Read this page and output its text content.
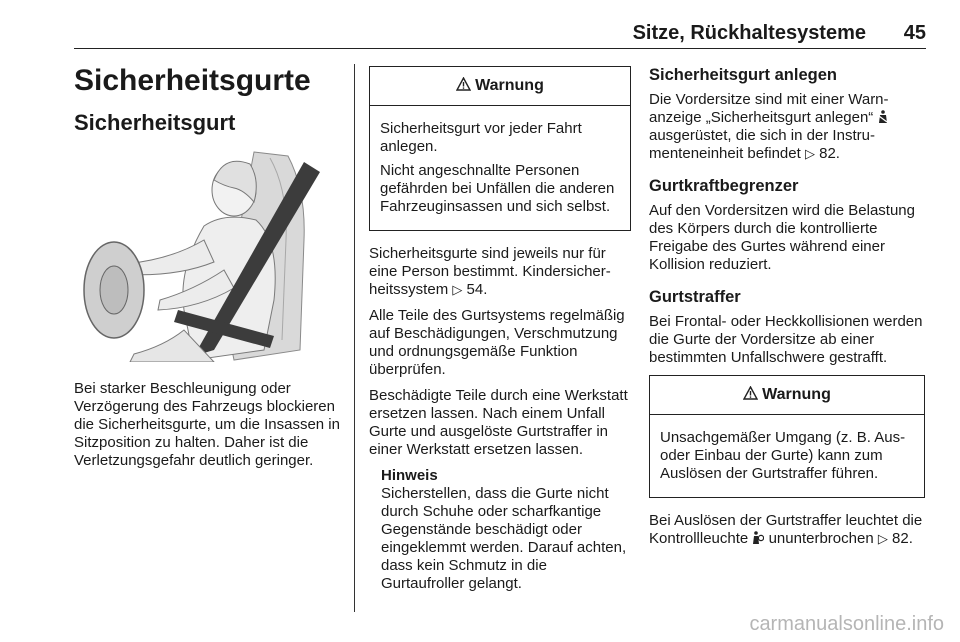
Sitze, Rückhaltesysteme 45
Sicherheitsgurte
Sicherheitsgurt

Bei starker Beschleunigung oder Verzögerung des Fahrzeugs blockieren die Sicherheitsgurte, um die Insassen in Sitzposition zu halten. Daher ist die Verletzungsgefahr deutlich geringer.

Warnung

Sicherheitsgurt vor jeder Fahrt anlegen.

Nicht angeschnallte Personen gefährden bei Unfällen die anderen Fahrzeuginsassen und sich selbst.

Sicherheitsgurte sind jeweils nur für eine Person bestimmt. Kindersicherheitssystem ▷ 54.

Alle Teile des Gurtsystems regelmäßig auf Beschädigungen, Verschmutzung und ordnungsgemäße Funktion überprüfen.

Beschädigte Teile durch eine Werkstatt ersetzen lassen. Nach einem Unfall Gurte und ausgelöste Gurtstraffer in einer Werkstatt ersetzen lassen.

Hinweis

Sicherstellen, dass die Gurte nicht durch Schuhe oder scharfkantige Gegenstände beschädigt oder eingeklemmt werden. Darauf achten, dass kein Schmutz in die Gurtaufroller gelangt.

Sicherheitsgurt anlegen

Die Vordersitze sind mit einer Warnanzeige „Sicherheitsgurt anlegen“  ausgerüstet, die sich in der Instrumenteneinheit befindet ▷ 82.

Gurtkraftbegrenzer

Auf den Vordersitzen wird die Belastung des Körpers durch die kontrollierte Freigabe des Gurtes während einer Kollision reduziert.

Gurtstraffer

Bei Frontal- oder Heckkollisionen werden die Gurte der Vordersitze ab einer bestimmten Unfallschwere gestrafft.

Warnung

Unsachgemäßer Umgang (z. B. Aus- oder Einbau der Gurte) kann zum Auslösen der Gurtstraffer führen.

Bei Auslösen der Gurtstraffer leuchtet die Kontrollleuchte ununterbrochen ▷ 82.

carmanualsonline.info
